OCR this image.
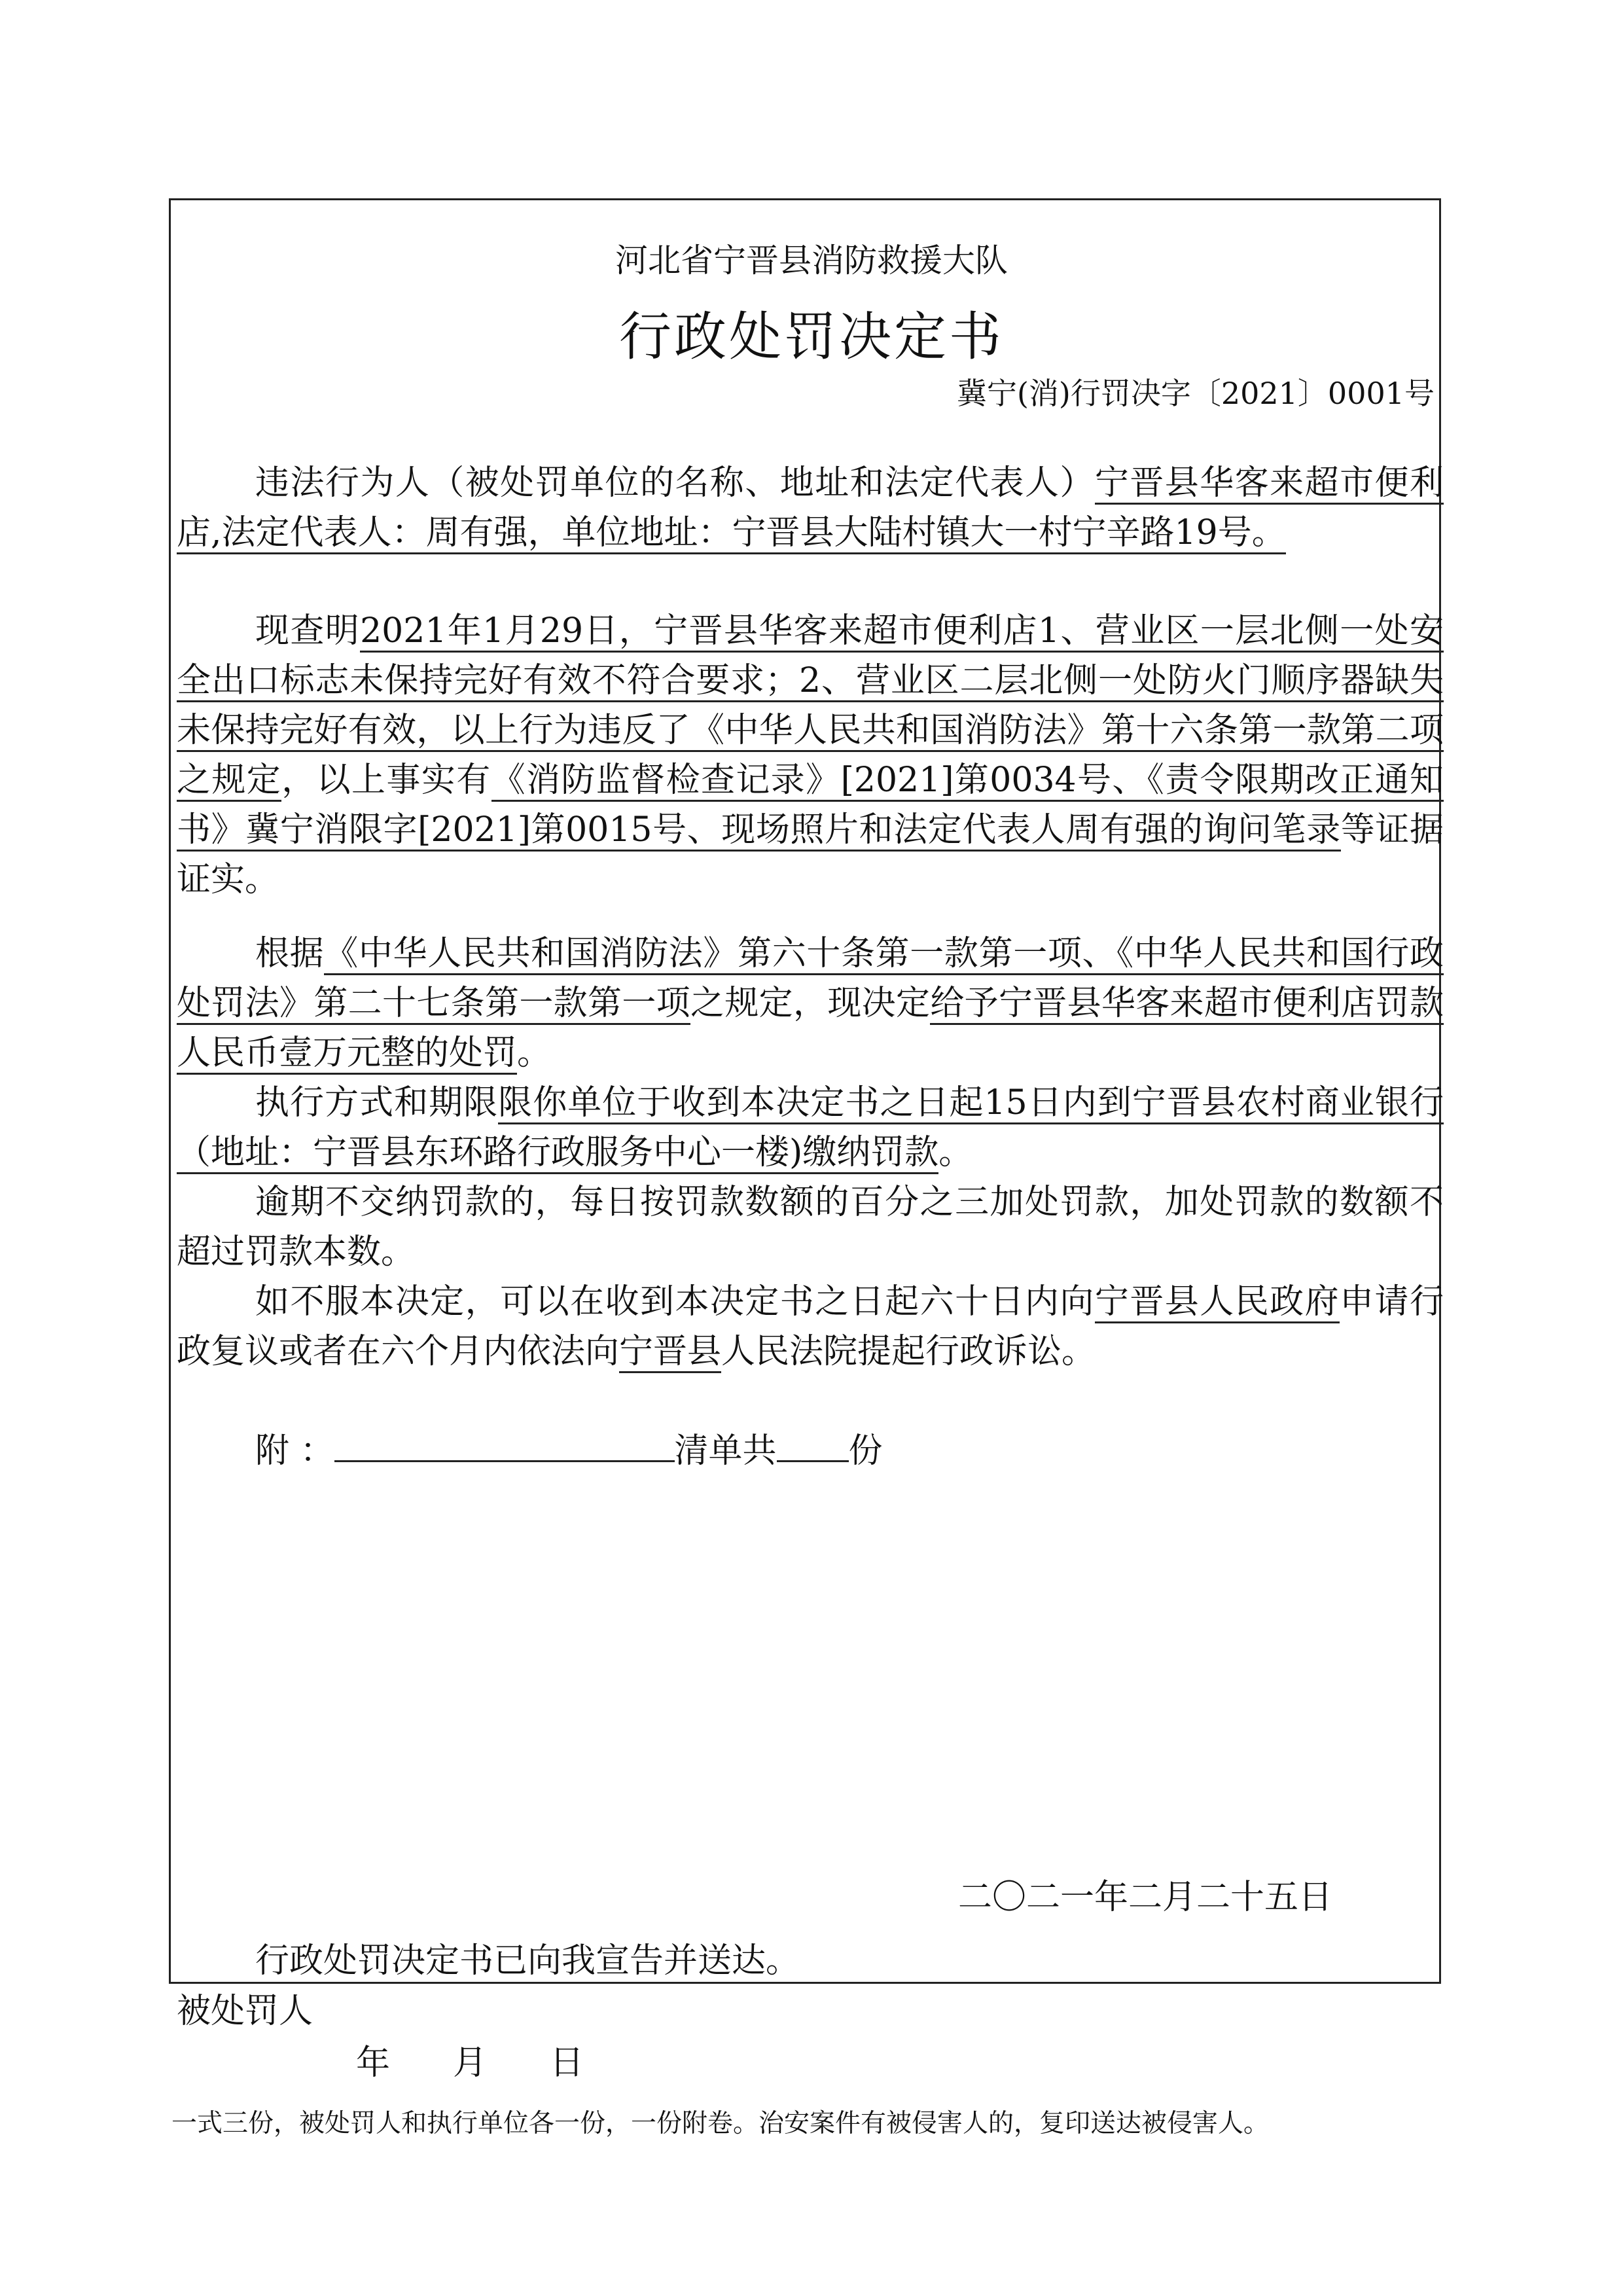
河北省宁晋县消防救援大队
行政处罚决定书
冀宁(消)行罚决字〔2021〕0001号
违法行为人（被处罚单位的名称、地址和法定代表人）宁晋县华客来超市便利店,法定代表人：周有强，单位地址：宁晋县大陆村镇大一村宁辛路19号。
现查明2021年1月29日，宁晋县华客来超市便利店1、营业区一层北侧一处安全出口标志未保持完好有效不符合要求；2、营业区二层北侧一处防火门顺序器缺失未保持完好有效，以上行为违反了《中华人民共和国消防法》第十六条第一款第二项之规定，以上事实有《消防监督检查记录》[2021]第0034号、《责令限期改正通知书》冀宁消限字[2021]第0015号、现场照片和法定代表人周有强的询问笔录等证据证实。
根据《中华人民共和国消防法》第六十条第一款第一项、《中华人民共和国行政处罚法》第二十七条第一款第一项之规定，现决定给予宁晋县华客来超市便利店罚款人民币壹万元整的处罚。
执行方式和期限限你单位于收到本决定书之日起15日内到宁晋县农村商业银行（地址：宁晋县东环路行政服务中心一楼)缴纳罚款。
逾期不交纳罚款的，每日按罚款数额的百分之三加处罚款，加处罚款的数额不超过罚款本数。
如不服本决定，可以在收到本决定书之日起六十日内向宁晋县人民政府申请行政复议或者在六个月内依法向宁晋县人民法院提起行政诉讼。
附 ：	清单共 份
二〇二一年二月二十五日
行政处罚决定书已向我宣告并送达。
被处罚人
年 月 日
一式三份，被处罚人和执行单位各一份，一份附卷。治安案件有被侵害人的，复印送达被侵害人。
